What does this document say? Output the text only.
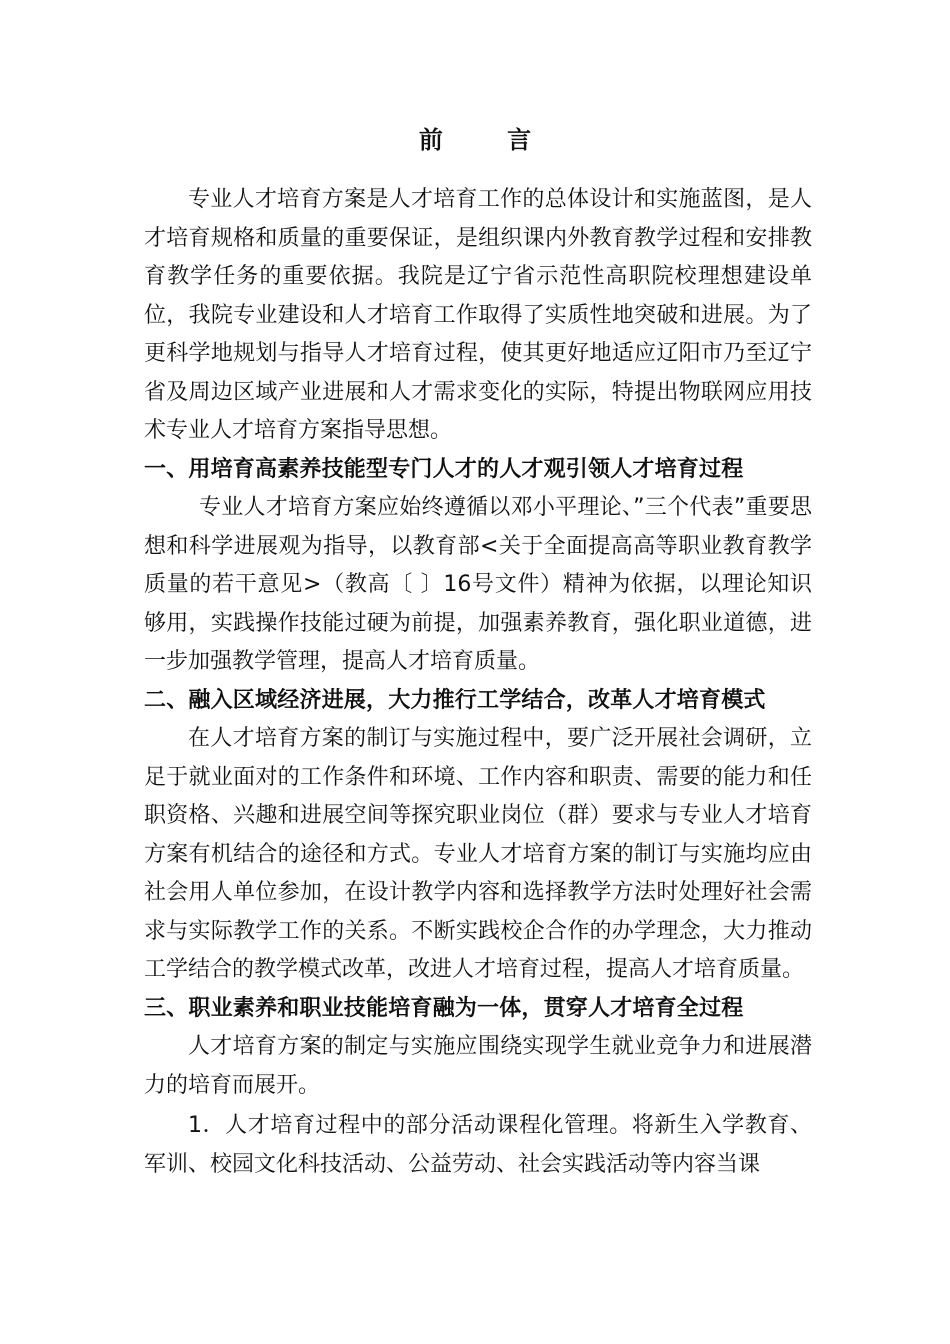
前 言

专业人才培育方案是人才培育工作的总体设计和实施蓝图，是人才培育规格和质量的重要保证，是组织课内外教育教学过程和安排教育教学任务的重要依据。我院是辽宁省示范性高职院校理想建设单位，我院专业建设和人才培育工作取得了实质性地突破和进展。为了更科学地规划与指导人才培育过程，使其更好地适应辽阳市乃至辽宁省及周边区域产业进展和人才需求变化的实际，特提出物联网应用技术专业人才培育方案指导思想。

一、用培育高素养技能型专门人才的人才观引领人才培育过程

专业人才培育方案应始终遵循以邓小平理论、”三个代表”重要思想和科学进展观为指导，以教育部<关于全面提高高等职业教育教学质量的若干意见>（教高〔 〕16号文件）精神为依据，以理论知识够用，实践操作技能过硬为前提，加强素养教育，强化职业道德，进一步加强教学管理，提高人才培育质量。

二、融入区域经济进展，大力推行工学结合，改革人才培育模式

在人才培育方案的制订与实施过程中，要广泛开展社会调研，立足于就业面对的工作条件和环境、工作内容和职责、需要的能力和任职资格、兴趣和进展空间等探究职业岗位（群）要求与专业人才培育方案有机结合的途径和方式。专业人才培育方案的制订与实施均应由社会用人单位参加，在设计教学内容和选择教学方法时处理好社会需求与实际教学工作的关系。不断实践校企合作的办学理念，大力推动工学结合的教学模式改革，改进人才培育过程，提高人才培育质量。

三、职业素养和职业技能培育融为一体，贯穿人才培育全过程

人才培育方案的制定与实施应围绕实现学生就业竞争力和进展潜力的培育而展开。

1．人才培育过程中的部分活动课程化管理。将新生入学教育、军训、校园文化科技活动、公益劳动、社会实践活动等内容当课
